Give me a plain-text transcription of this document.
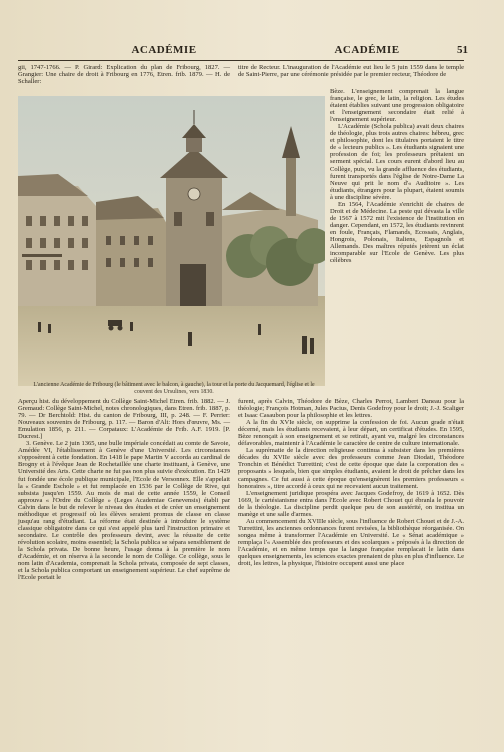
ACADÉMIE	ACADÉMIE	51

gii, 1747-1766. — P. Girard: Explication du plan de Fribourg, 1827. — Grangier: Une chaire de droit à Fribourg en 1776, Etren. frib. 1879. — H. de Schaller:

L'ancienne Académie de Fribourg (le bâtiment avec le balcon, à gauche), la tour et la porte du Jacquemard, l'église et le couvent des Ursulines, vers 1830.

Aperçu hist. du développement du Collège Saint-Michel Etren. frib. 1882. — J. Gremaud: Collège Saint-Michel, notes chronologiques, dans Etren. frib. 1887, p. 79. — Dr Berchtold: Hist. du canton de Fribourg, III, p. 248. — F. Perrier: Nouveaux souvenirs de Fribourg, p. 117. — Baron d'Alt: Hors d'œuvre, Ms. — Emulation 1856, p. 211. — Corpataux: L'Académie de Frib. A.F. 1919. [P. Ducrest.]

3. Genève. Le 2 juin 1365, une bulle impériale concédait au comte de Savoie, Amédée VI, l'établissement à Genève d'une Université. Les circonstances s'opposèrent à cette fondation. En 1418 le pape Martin V accorda au cardinal de Brogny et à l'évêque Jean de Rochetaillée une charte instituant, à Genève, une Université des Arts. Cette charte ne fut pas non plus suivie d'exécution. En 1429 fut fondée une école publique municipale, l'Ecole de Versonnex. Elle s'appelait la « Grande Eschole » et fut remplacée en 1536 par le Collège de Rive, qui subsista jusqu'en 1559. Au mois de mai de cette année 1559, le Conseil approuva « l'Ordre du Collège » (Leges Academiae Genevensis) établi par Calvin dans le but de relever le niveau des études et de créer un enseignement méthodique et progressif où les élèves seraient promus de classe en classe jusqu'au rang d'étudiant. La réforme était destinée à introduire le système classique obligatoire dans ce qui s'est appelé plus tard l'instruction primaire et secondaire. Le contrôle des professeurs devint, avec la réussite de cette révolution scolaire, moins essentiel; la Schola publica se sépara sensiblement de la Schola privata. De bonne heure, l'usage donna à la première le nom d'Académie, et on réserva à la seconde le nom de Collège. Ce collège, sous le nom latin d'Academia, comprenait la Schola privata, composée de sept classes, et la Schola publica comportant un enseignement supérieur. Le chef suprême de l'Ecole portait le

titre de Recteur. L'inauguration de l'Académie eut lieu le 5 juin 1559 dans le temple de Saint-Pierre, par une cérémonie présidée par le premier recteur, Théodore de

Bèze. L'enseignement comprenait la langue française, le grec, le latin, la religion. Les études étaient établies suivant une progression obligatoire et l'enseignement secondaire était relié à l'enseignement supérieur.

L'Académie (Schola publica) avait deux chaires de théologie, plus trois autres chaires: hébreu, grec et philosophie, dont les titulaires portaient le titre de « lecteurs publics ». Les étudiants signaient une profession de foi; les professeurs prêtaient un serment spécial. Les cours eurent d'abord lieu au Collège, puis, vu la grande affluence des étudiants, furent transportés dans l'église de Notre-Dame La Neuve qui prit le nom d'« Auditoire ». Les étudiants, étrangers pour la plupart, étaient soumis à une discipline sévère.

En 1564, l'Académie s'enrichit de chaires de Droit et de Médecine. La peste qui dévasta la ville de 1567 à 1572 mit l'existence de l'institution en danger. Cependant, en 1572, les étudiants revinrent en foule, Français, Flamands, Ecossais, Anglais, Hongrois, Polonais, Italiens, Espagnols et Allemands. Des maîtres réputés jetèrent un éclat incomparable sur l'Ecole de Genève. Les plus célèbres

furent, après Calvin, Théodore de Bèze, Charles Perrot, Lambert Daneau pour la théologie; François Hotman, Jules Pacius, Denis Godefroy pour le droit; J.-J. Scaliger et Isaac Casaubon pour la philosophie et les lettres.

A la fin du XVIe siècle, on supprime la confession de foi. Aucun grade n'était décerné, mais les étudiants recevaient, à leur départ, un certificat d'études. En 1595, Bèze renonçait à son enseignement et se retirait, ayant vu, malgré les circonstances défavorables, maintenir à l'Académie le caractère de centre de culture internationale.

La suprématie de la direction religieuse continua à subsister dans les premières décades du XVIIe siècle avec des professeurs comme Jean Diodati, Théodore Tronchin et Bénédict Turrettini; c'est de cette époque que date la corporation des « proposants » lesquels, bien que simples étudiants, avaient le droit de prêcher dans les campagnes. Ce fut aussi à cette époque qu'enseignèrent les premiers professeurs « honoraires », titre accordé à ceux qui ne recevaient aucun traitement.

L'enseignement juridique prospéra avec Jacques Godefroy, de 1619 à 1652. Dès 1669, le cartésianisme entra dans l'Ecole avec Robert Chouet qui ébranla le pouvoir de la théologie. La discipline perdit quelque peu de son austérité, on institua un manège et une salle d'armes.

Au commencement du XVIIIe siècle, sous l'influence de Robert Chouet et de J.-A. Turrettini, les anciennes ordonnances furent revisées, la bibliothèque réorganisée. On songea même à transformer l'Académie en Université. Le « Sénat académique » remplaça l'« Assemblée des professeurs et des scolarques » préposés à la direction de l'Académie, et en même temps que la langue française remplacait le latin dans quelques enseignements, les sciences exactes prenaient de plus en plus d'influence. Le droit, les lettres, la physique, l'histoire occupent aussi une place
